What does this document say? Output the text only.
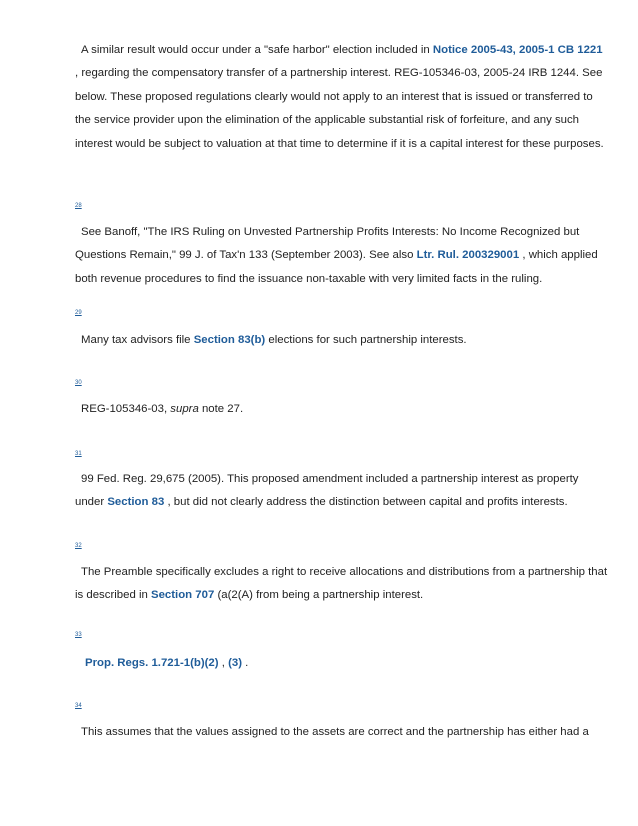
A similar result would occur under a "safe harbor" election included in Notice 2005-43, 2005-1 CB 1221
, regarding the compensatory transfer of a partnership interest. REG-105346-03, 2005-24 IRB 1244. See
below. These proposed regulations clearly would not apply to an interest that is issued or transferred to
the service provider upon the elimination of the applicable substantial risk of forfeiture, and any such
interest would be subject to valuation at that time to determine if it is a capital interest for these purposes.
28
See Banoff, "The IRS Ruling on Unvested Partnership Profits Interests: No Income Recognized but
Questions Remain," 99 J. of Tax'n 133 (September 2003). See also Ltr. Rul. 200329001 , which applied
both revenue procedures to find the issuance non-taxable with very limited facts in the ruling.
29
Many tax advisors file Section 83(b) elections for such partnership interests.
30
REG-105346-03, supra note 27.
31
99 Fed. Reg. 29,675 (2005). This proposed amendment included a partnership interest as property
under Section 83 , but did not clearly address the distinction between capital and profits interests.
32
The Preamble specifically excludes a right to receive allocations and distributions from a partnership that
is described in Section 707 (a(2(A) from being a partnership interest.
33
Prop. Regs. 1.721-1(b)(2) , (3) .
34
This assumes that the values assigned to the assets are correct and the partnership has either had a
